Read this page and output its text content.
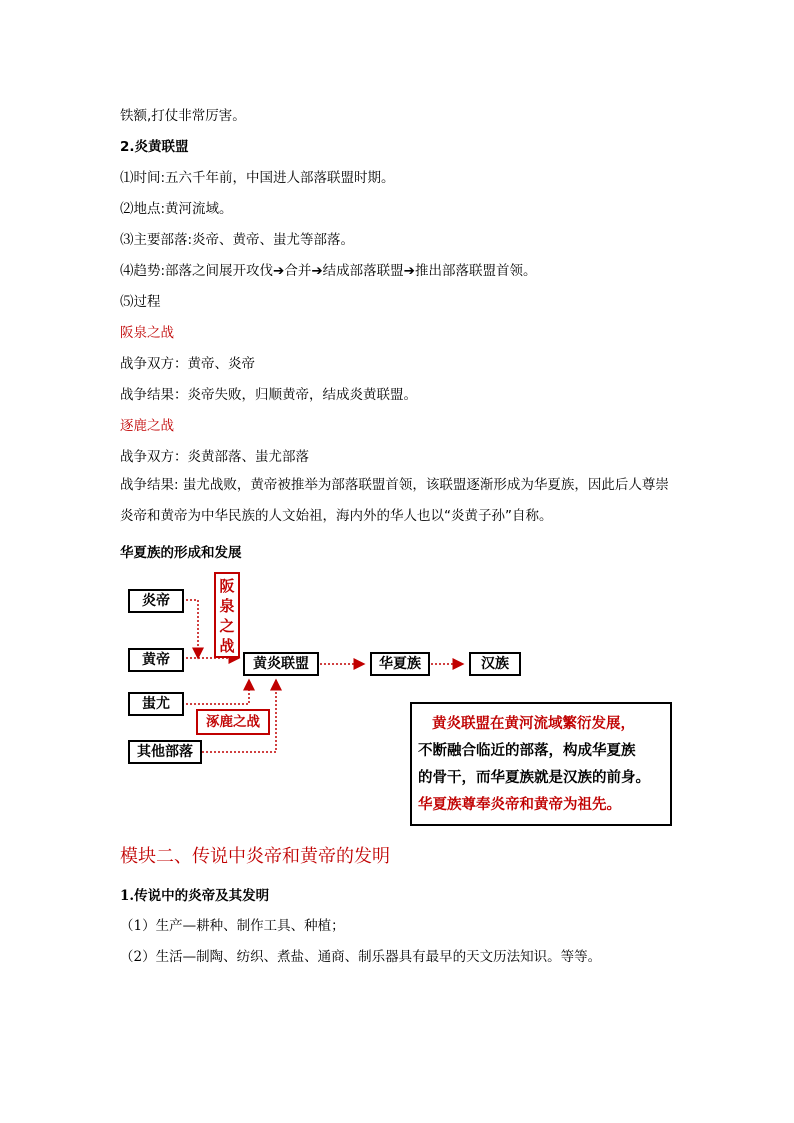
铁额,打仗非常厉害。
2.炎黄联盟
⑴时间:五六千年前，中国进人部落联盟时期。
⑵地点:黄河流域。
⑶主要部落:炎帝、黄帝、蚩尤等部落。
⑷趋势:部落之间展开攻伐➔合并➔结成部落联盟➔推出部落联盟首领。
⑸过程
阪泉之战
战争双方：黄帝、炎帝
战争结果：炎帝失败，归顺黄帝，结成炎黄联盟。
逐鹿之战
战争双方：炎黄部落、蚩尤部落
战争结果: 蚩尤战败，黄帝被推举为部落联盟首领，该联盟逐渐形成为华夏族，因此后人尊崇炎帝和黄帝为中华民族的人文始祖，海内外的华人也以“炎黄子孙”自称。
华夏族的形成和发展
炎帝
黄帝
蚩尤
其他部落
阪泉之战
涿鹿之战
黄炎联盟	华夏族	汉族
黄炎联盟在黄河流域繁衍发展，
不断融合临近的部落，构成华夏族
的骨干，而华夏族就是汉族的前身。
华夏族尊奉炎帝和黄帝为祖先。
模块二、传说中炎帝和黄帝的发明
1.传说中的炎帝及其发明
（1）生产—耕种、制作工具、种植；
（2）生活—制陶、纺织、煮盐、通商、制乐器具有最早的天文历法知识。等等。
